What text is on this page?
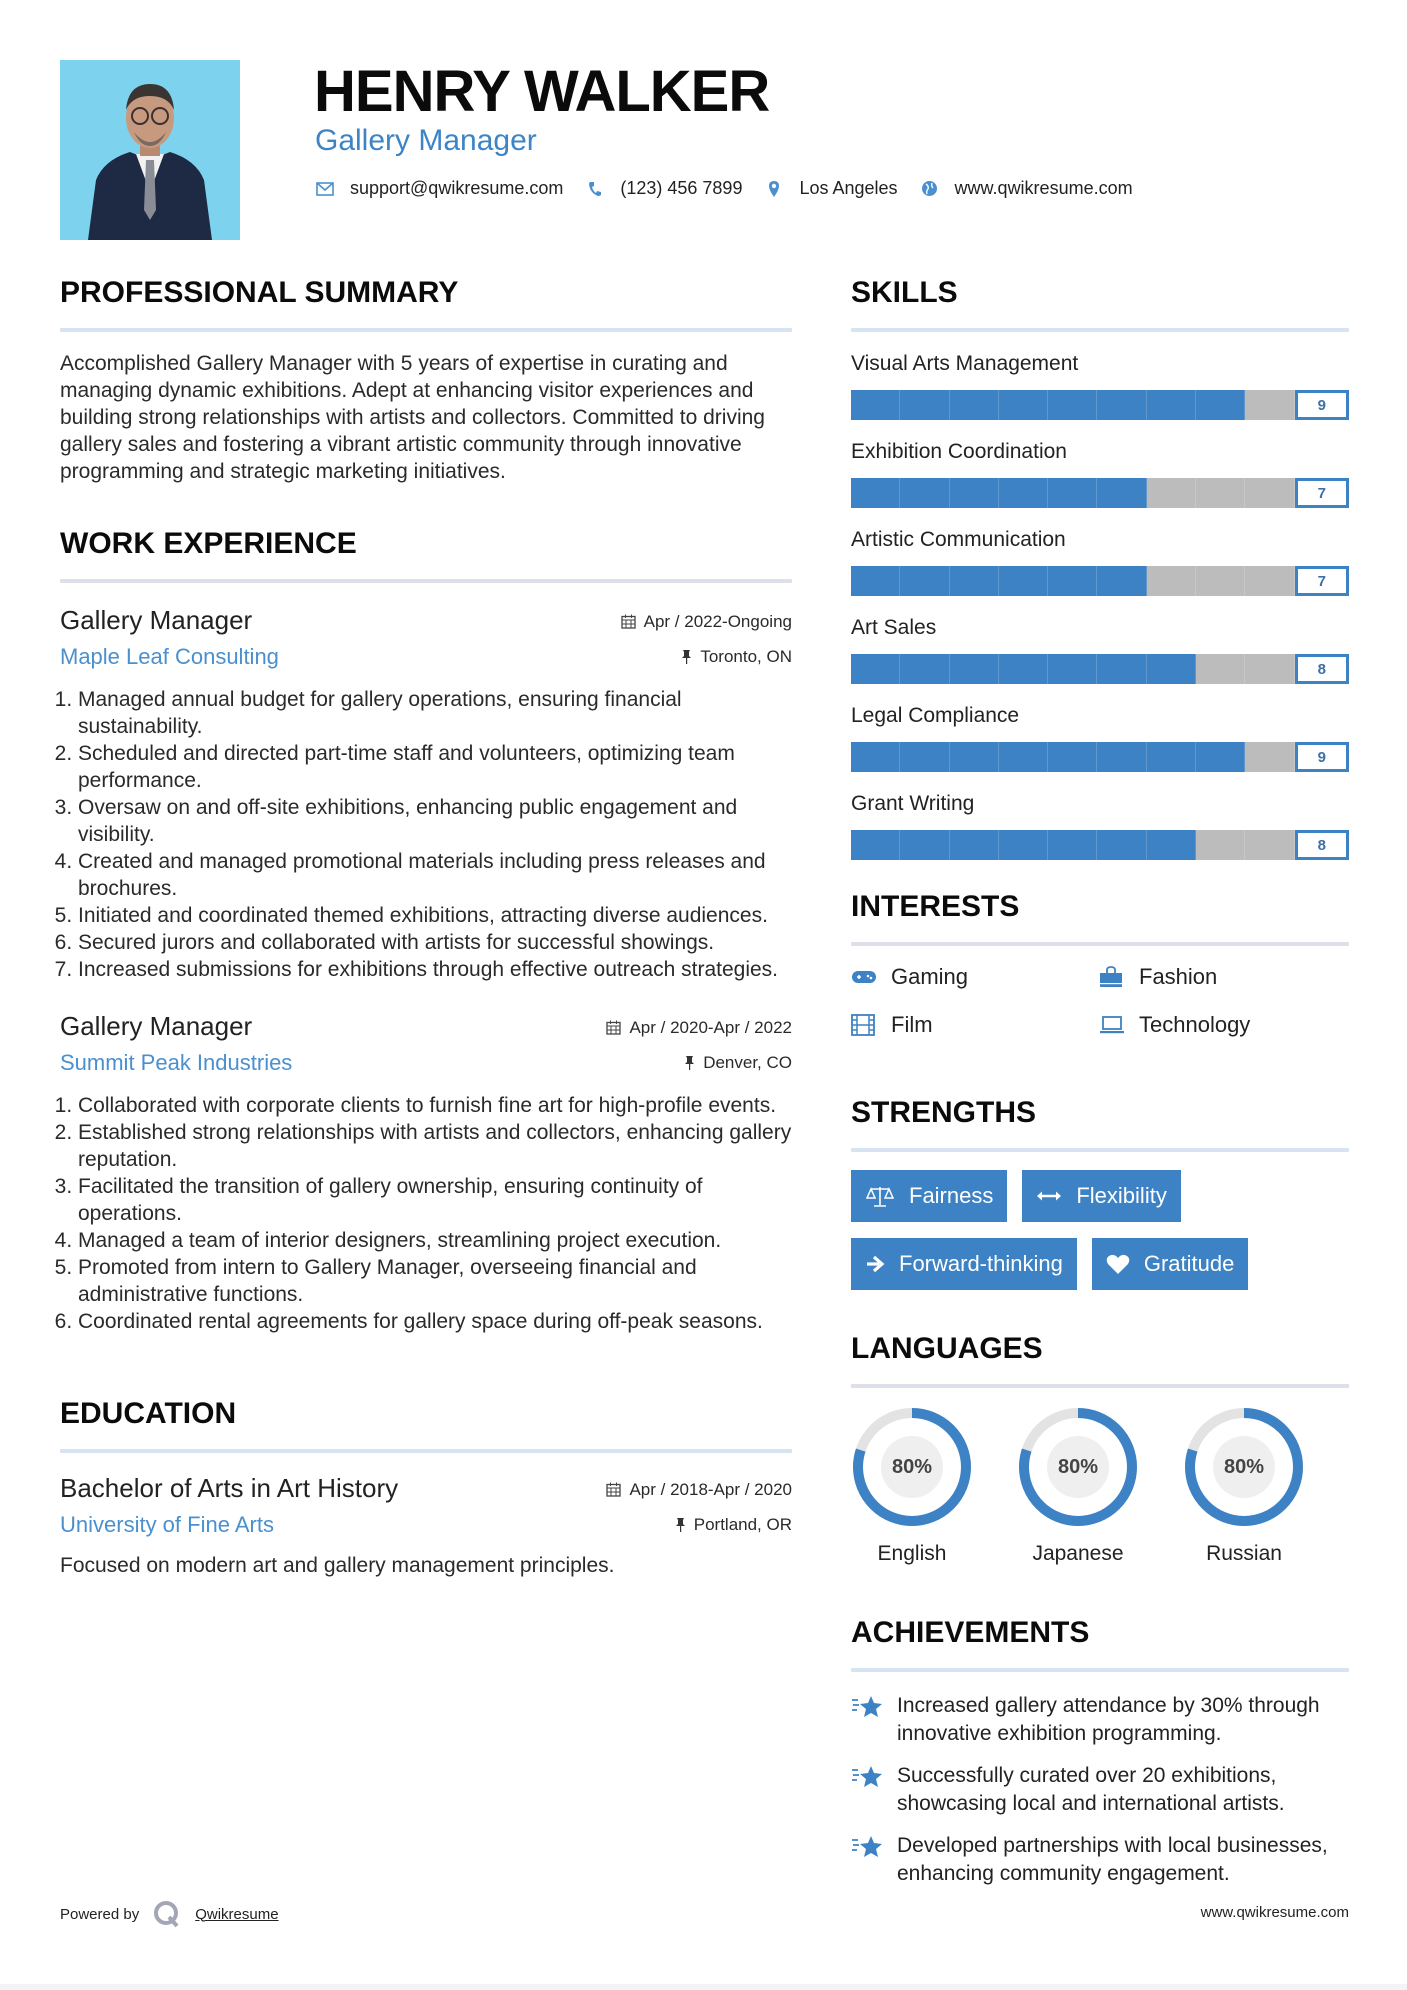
HENRY WALKER
Gallery Manager
support@qwikresume.com	(123) 456 7899	Los Angeles	www.qwikresume.com
PROFESSIONAL SUMMARY

Accomplished Gallery Manager with 5 years of expertise in curating and managing dynamic exhibitions. Adept at enhancing visitor experiences and building strong relationships with artists and collectors. Committed to driving gallery sales and fostering a vibrant artistic community through innovative programming and strategic marketing initiatives.

WORK EXPERIENCE
Gallery Manager	Apr / 2022-Ongoing
Maple Leaf Consulting	Toronto, ON
1. Managed annual budget for gallery operations, ensuring financial sustainability.
2. Scheduled and directed part-time staff and volunteers, optimizing team performance.
3. Oversaw on and off-site exhibitions, enhancing public engagement and visibility.
4. Created and managed promotional materials including press releases and brochures.
5. Initiated and coordinated themed exhibitions, attracting diverse audiences.
6. Secured jurors and collaborated with artists for successful showings.
7. Increased submissions for exhibitions through effective outreach strategies.
Gallery Manager	Apr / 2020-Apr / 2022
Summit Peak Industries	Denver, CO
1. Collaborated with corporate clients to furnish fine art for high-profile events.
2. Established strong relationships with artists and collectors, enhancing gallery reputation.
3. Facilitated the transition of gallery ownership, ensuring continuity of operations.
4. Managed a team of interior designers, streamlining project execution.
5. Promoted from intern to Gallery Manager, overseeing financial and administrative functions.
6. Coordinated rental agreements for gallery space during off-peak seasons.
EDUCATION
Bachelor of Arts in Art History	Apr / 2018-Apr / 2020
University of Fine Arts	Portland, OR

Focused on modern art and gallery management principles.

SKILLS
Visual Arts Management
9
Exhibition Coordination
7
Artistic Communication
7
Art Sales
8
Legal Compliance
9
Grant Writing
8
INTERESTS
Gaming	Fashion
Film	Technology
STRENGTHS
Fairness	Flexibility
Forward-thinking	Gratitude
LANGUAGES
80%
English
80%
Japanese
80%
Russian
ACHIEVEMENTS
Increased gallery attendance by 30% through innovative exhibition programming.
Successfully curated over 20 exhibitions, showcasing local and international artists.
Developed partnerships with local businesses, enhancing community engagement.
Powered by	Qwikresume	www.qwikresume.com
